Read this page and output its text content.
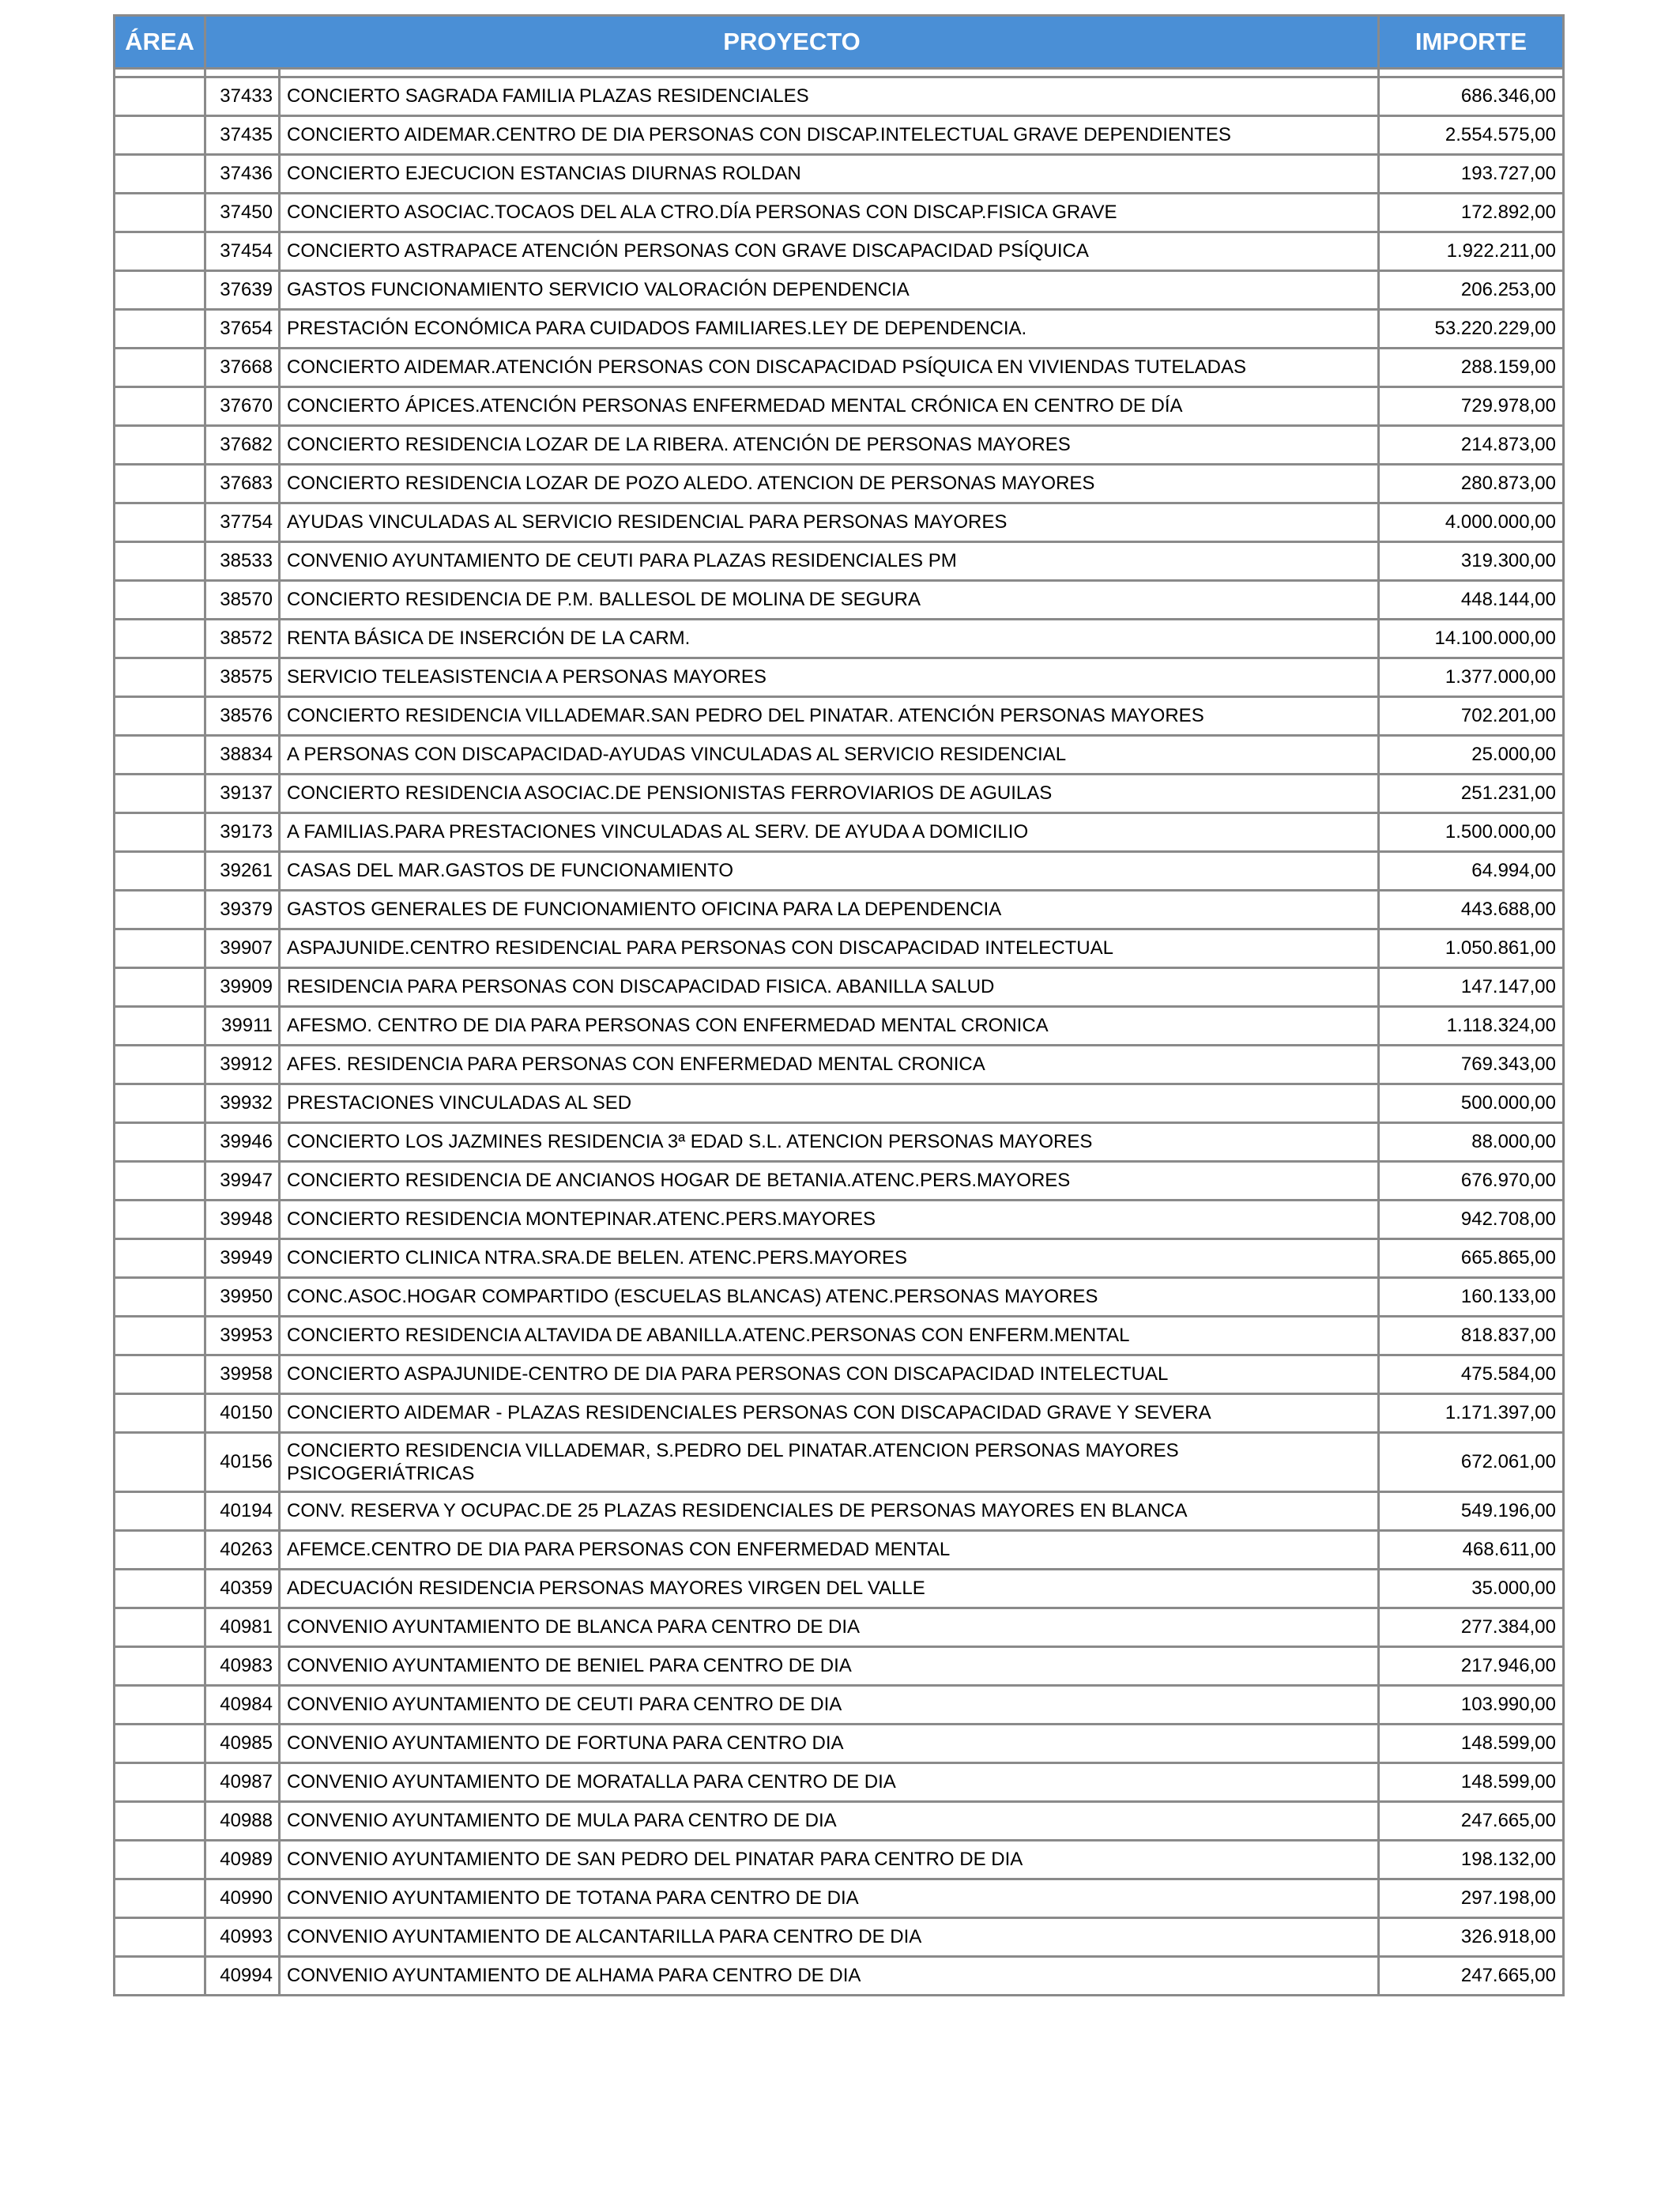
ÁREA	PROYECTO		IMPORTE

	37433	CONCIERTO SAGRADA FAMILIA PLAZAS RESIDENCIALES	686.346,00
	37435	CONCIERTO AIDEMAR.CENTRO DE DIA PERSONAS CON DISCAP.INTELECTUAL GRAVE DEPENDIENTES	2.554.575,00
	37436	CONCIERTO EJECUCION ESTANCIAS DIURNAS ROLDAN	193.727,00
	37450	CONCIERTO ASOCIAC.TOCAOS DEL ALA CTRO.DÍA PERSONAS CON DISCAP.FISICA GRAVE	172.892,00
	37454	CONCIERTO ASTRAPACE ATENCIÓN PERSONAS CON GRAVE DISCAPACIDAD PSÍQUICA	1.922.211,00
	37639	GASTOS FUNCIONAMIENTO SERVICIO VALORACIÓN DEPENDENCIA	206.253,00
	37654	PRESTACIÓN ECONÓMICA PARA CUIDADOS FAMILIARES.LEY DE DEPENDENCIA.	53.220.229,00
	37668	CONCIERTO AIDEMAR.ATENCIÓN PERSONAS CON DISCAPACIDAD PSÍQUICA EN VIVIENDAS TUTELADAS	288.159,00
	37670	CONCIERTO ÁPICES.ATENCIÓN PERSONAS ENFERMEDAD MENTAL CRÓNICA EN CENTRO DE DÍA	729.978,00
	37682	CONCIERTO RESIDENCIA LOZAR DE LA RIBERA. ATENCIÓN DE PERSONAS MAYORES	214.873,00
	37683	CONCIERTO RESIDENCIA LOZAR DE POZO ALEDO. ATENCION DE PERSONAS MAYORES	280.873,00
	37754	AYUDAS VINCULADAS AL SERVICIO RESIDENCIAL PARA PERSONAS MAYORES	4.000.000,00
	38533	CONVENIO AYUNTAMIENTO DE CEUTI PARA PLAZAS RESIDENCIALES PM	319.300,00
	38570	CONCIERTO RESIDENCIA DE P.M. BALLESOL DE MOLINA DE SEGURA	448.144,00
	38572	RENTA BÁSICA DE INSERCIÓN DE LA CARM.	14.100.000,00
	38575	SERVICIO TELEASISTENCIA A PERSONAS MAYORES	1.377.000,00
	38576	CONCIERTO RESIDENCIA VILLADEMAR.SAN PEDRO DEL PINATAR. ATENCIÓN PERSONAS MAYORES	702.201,00
	38834	A PERSONAS CON DISCAPACIDAD-AYUDAS VINCULADAS AL SERVICIO RESIDENCIAL	25.000,00
	39137	CONCIERTO RESIDENCIA ASOCIAC.DE PENSIONISTAS FERROVIARIOS DE AGUILAS	251.231,00
	39173	A FAMILIAS.PARA PRESTACIONES VINCULADAS AL SERV. DE AYUDA A DOMICILIO	1.500.000,00
	39261	CASAS DEL MAR.GASTOS DE FUNCIONAMIENTO	64.994,00
	39379	GASTOS GENERALES DE FUNCIONAMIENTO OFICINA PARA LA DEPENDENCIA	443.688,00
	39907	ASPAJUNIDE.CENTRO RESIDENCIAL PARA PERSONAS CON DISCAPACIDAD INTELECTUAL	1.050.861,00
	39909	RESIDENCIA PARA PERSONAS CON DISCAPACIDAD FISICA. ABANILLA SALUD	147.147,00
	39911	AFESMO. CENTRO DE DIA PARA PERSONAS CON ENFERMEDAD MENTAL CRONICA	1.118.324,00
	39912	AFES. RESIDENCIA PARA PERSONAS CON ENFERMEDAD MENTAL CRONICA	769.343,00
	39932	PRESTACIONES VINCULADAS AL SED	500.000,00
	39946	CONCIERTO LOS JAZMINES RESIDENCIA 3ª EDAD S.L. ATENCION PERSONAS MAYORES	88.000,00
	39947	CONCIERTO RESIDENCIA DE ANCIANOS HOGAR DE BETANIA.ATENC.PERS.MAYORES	676.970,00
	39948	CONCIERTO RESIDENCIA MONTEPINAR.ATENC.PERS.MAYORES	942.708,00
	39949	CONCIERTO CLINICA NTRA.SRA.DE BELEN. ATENC.PERS.MAYORES	665.865,00
	39950	CONC.ASOC.HOGAR COMPARTIDO (ESCUELAS BLANCAS) ATENC.PERSONAS MAYORES	160.133,00
	39953	CONCIERTO RESIDENCIA ALTAVIDA DE ABANILLA.ATENC.PERSONAS CON ENFERM.MENTAL	818.837,00
	39958	CONCIERTO ASPAJUNIDE-CENTRO DE DIA PARA PERSONAS CON DISCAPACIDAD INTELECTUAL	475.584,00
	40150	CONCIERTO AIDEMAR - PLAZAS RESIDENCIALES PERSONAS CON DISCAPACIDAD GRAVE Y SEVERA	1.171.397,00
	40156	CONCIERTO RESIDENCIA VILLADEMAR, S.PEDRO DEL PINATAR.ATENCION PERSONAS MAYORES PSICOGERIÁTRICAS	672.061,00
	40194	CONV. RESERVA Y OCUPAC.DE 25 PLAZAS RESIDENCIALES DE PERSONAS MAYORES EN BLANCA	549.196,00
	40263	AFEMCE.CENTRO DE DIA PARA PERSONAS CON ENFERMEDAD MENTAL	468.611,00
	40359	ADECUACIÓN RESIDENCIA PERSONAS MAYORES VIRGEN DEL VALLE	35.000,00
	40981	CONVENIO AYUNTAMIENTO DE BLANCA PARA CENTRO DE DIA	277.384,00
	40983	CONVENIO AYUNTAMIENTO DE BENIEL PARA CENTRO DE DIA	217.946,00
	40984	CONVENIO AYUNTAMIENTO DE CEUTI PARA CENTRO DE DIA	103.990,00
	40985	CONVENIO AYUNTAMIENTO DE FORTUNA PARA CENTRO DIA	148.599,00
	40987	CONVENIO AYUNTAMIENTO DE MORATALLA PARA CENTRO DE DIA	148.599,00
	40988	CONVENIO AYUNTAMIENTO DE MULA PARA CENTRO DE DIA	247.665,00
	40989	CONVENIO AYUNTAMIENTO DE SAN PEDRO DEL PINATAR PARA CENTRO DE DIA	198.132,00
	40990	CONVENIO AYUNTAMIENTO DE TOTANA PARA CENTRO DE DIA	297.198,00
	40993	CONVENIO AYUNTAMIENTO DE ALCANTARILLA PARA CENTRO DE DIA	326.918,00
	40994	CONVENIO AYUNTAMIENTO DE ALHAMA PARA CENTRO DE DIA	247.665,00
